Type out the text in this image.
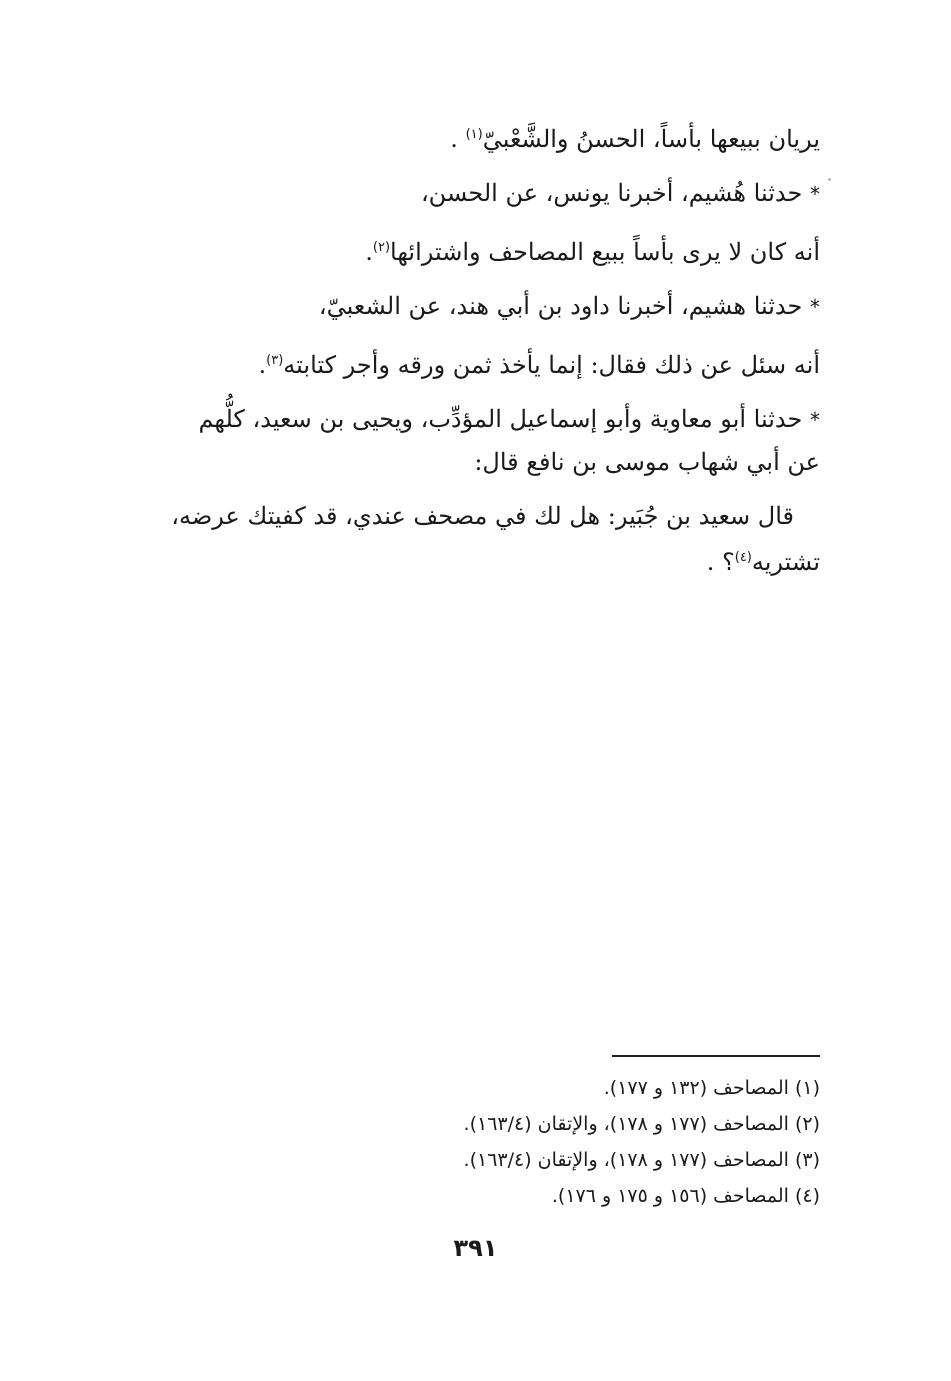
يريان ببيعها بأساً، الحسنُ والشَّعْبيّ$^{(١)}$ .
* حدثنا هُشيم، أخبرنا يونس، عن الحسن،
أنه كان لا يرى بأساً ببيع المصاحف واشترائها$^{(٢)}$.
* حدثنا هشيم، أخبرنا داود بن أبي هند، عن الشعبيّ،
أنه سئل عن ذلك فقال: إنما يأخذ ثمن ورقه وأجر كتابته$^{(٣)}$.
* حدثنا أبو معاوية وأبو إسماعيل المؤدِّب، ويحيى بن سعيد، كلُّهم
عن أبي شهاب موسى بن نافع قال:
قال سعيد بن جُبَير: هل لك في مصحف عندي، قد كفيتك عرضه،
تشتريه$^{(٤)}$؟ .
(١) المصاحف (١٣٢ و ١٧٧).
(٢) المصاحف (١٧٧ و ١٧٨)، والإتقان (١٦٣/٤).
(٣) المصاحف (١٧٧ و ١٧٨)، والإتقان (١٦٣/٤).
(٤) المصاحف (١٥٦ و ١٧٥ و ١٧٦).
٣٩١
